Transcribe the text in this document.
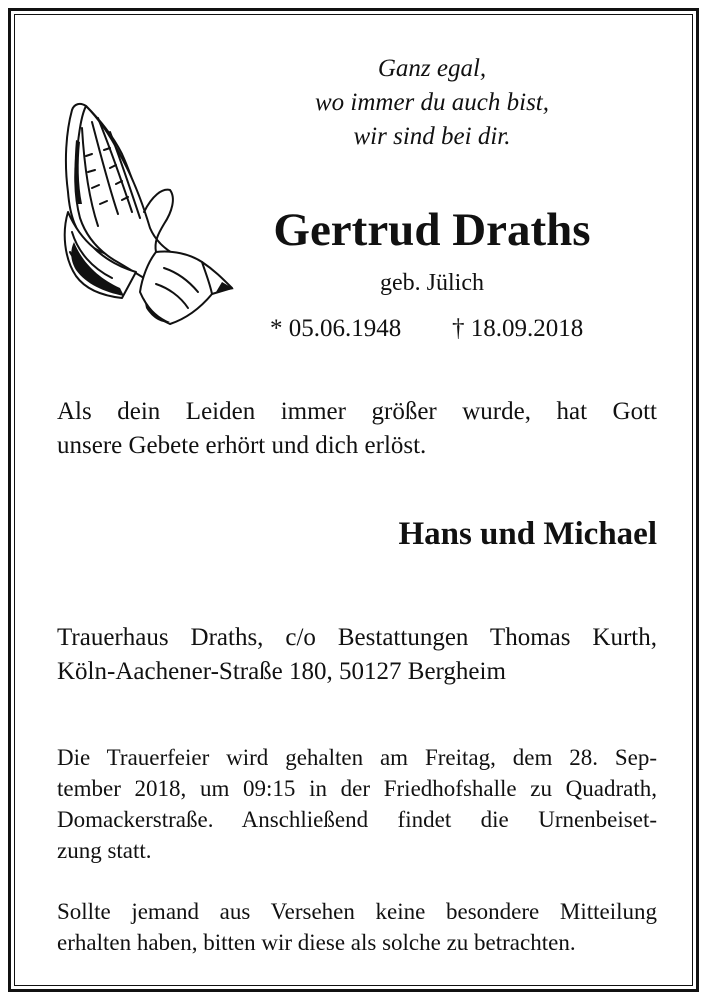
Ganz egal,
wo immer du auch bist,
wir sind bei dir.
Gertrud Draths
geb. Jülich
* 05.06.1948 † 18.09.2018
Als dein Leiden immer größer wurde, hat Gott
unsere Gebete erhört und dich erlöst.
Hans und Michael
Trauerhaus Draths, c/o Bestattungen Thomas Kurth,
Köln-Aachener-Straße 180, 50127 Bergheim
Die Trauerfeier wird gehalten am Freitag, dem 28. Sep-
tember 2018, um 09:15 in der Friedhofshalle zu Quadrath,
Domackerstraße. Anschließend findet die Urnenbeiset-
zung statt.
Sollte jemand aus Versehen keine besondere Mitteilung
erhalten haben, bitten wir diese als solche zu betrachten.
